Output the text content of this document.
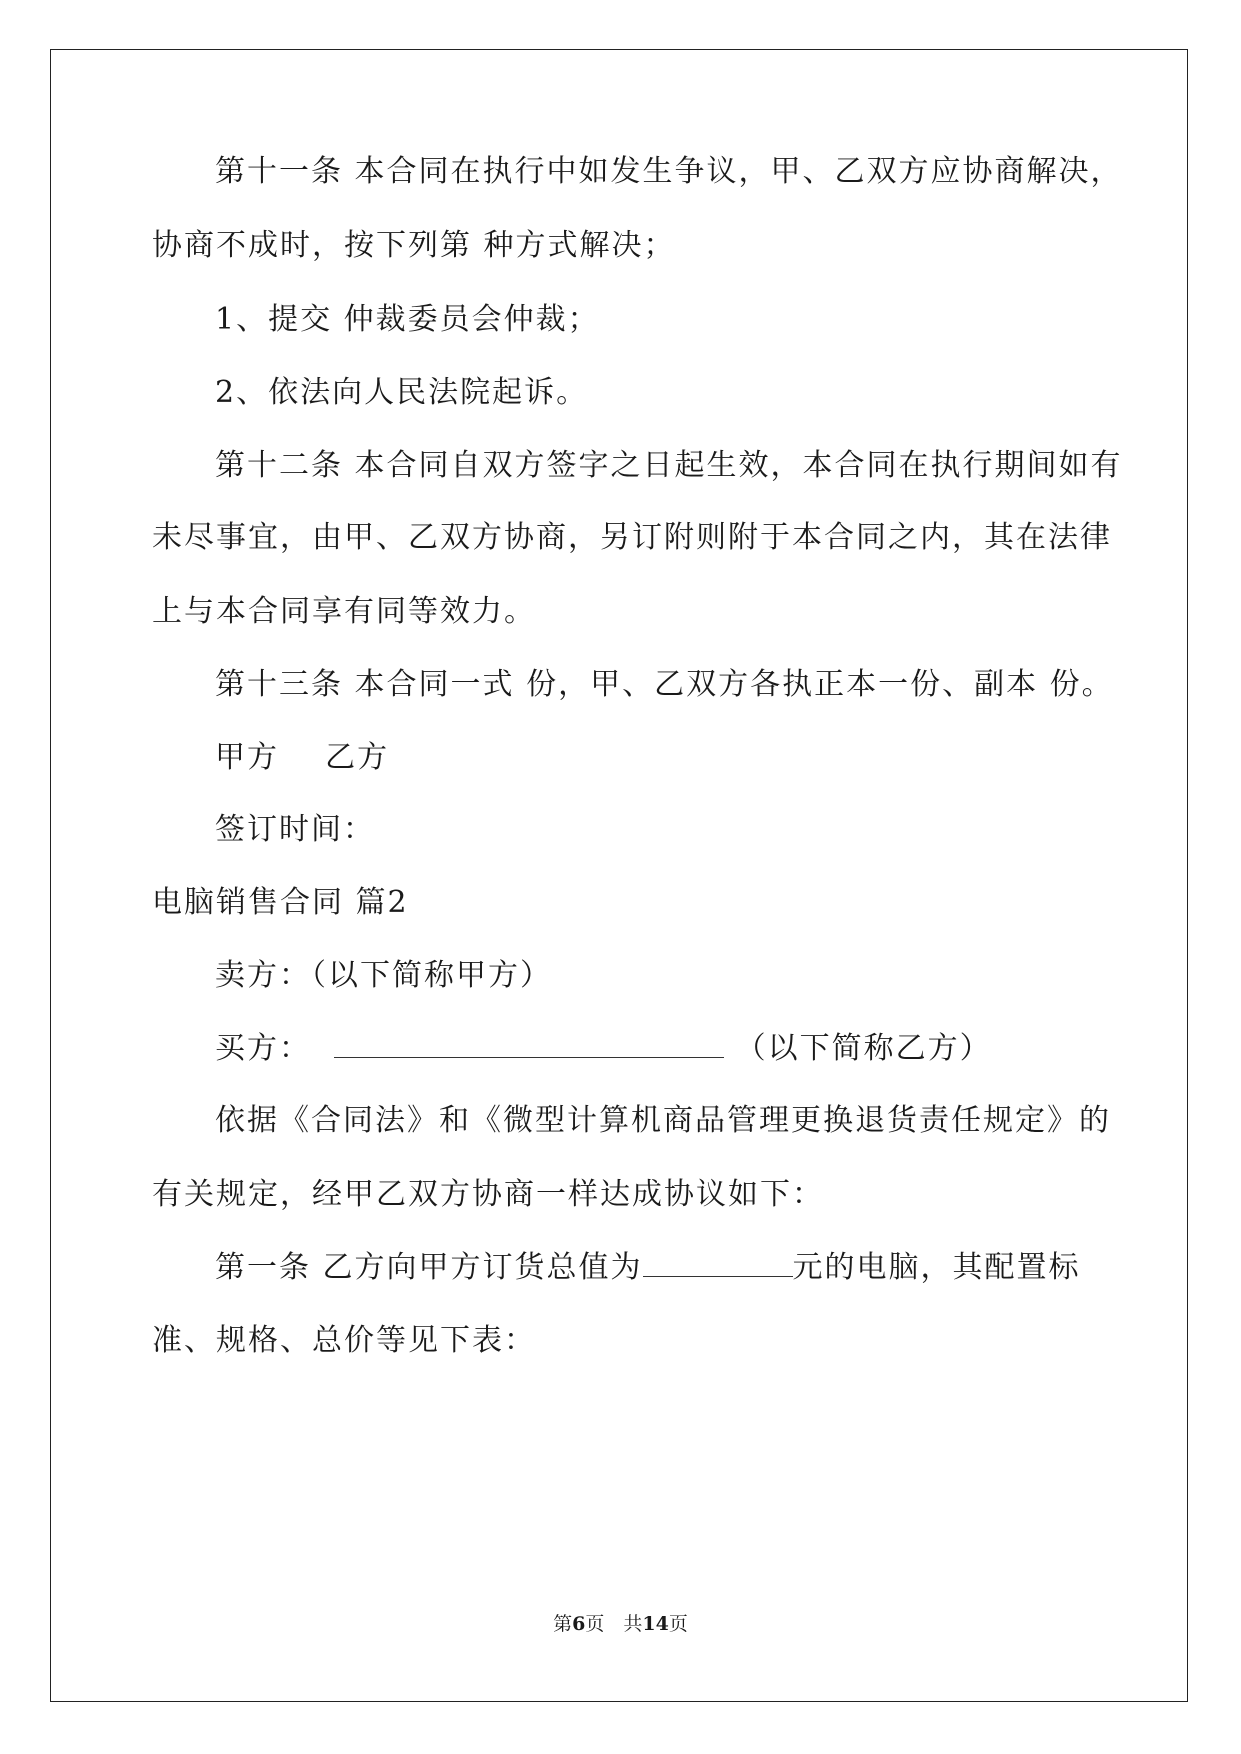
第十一条 本合同在执行中如发生争议，甲、乙双方应协商解决，
协商不成时，按下列第 种方式解决；
1、提交 仲裁委员会仲裁；
2、依法向人民法院起诉。
第十二条 本合同自双方签字之日起生效，本合同在执行期间如有
未尽事宜，由甲、乙双方协商，另订附则附于本合同之内，其在法律
上与本合同享有同等效力。
第十三条 本合同一式 份，甲、乙双方各执正本一份、副本 份。
甲方    乙方
签订时间：
电脑销售合同 篇2
卖方：（以下简称甲方）
买方：	（以下简称乙方）
依据《合同法》和《微型计算机商品管理更换退货责任规定》的
有关规定，经甲乙双方协商一样达成协议如下：
第一条 乙方向甲方订货总值为	元的电脑，其配置标
准、规格、总价等见下表：
第6页　共14页
